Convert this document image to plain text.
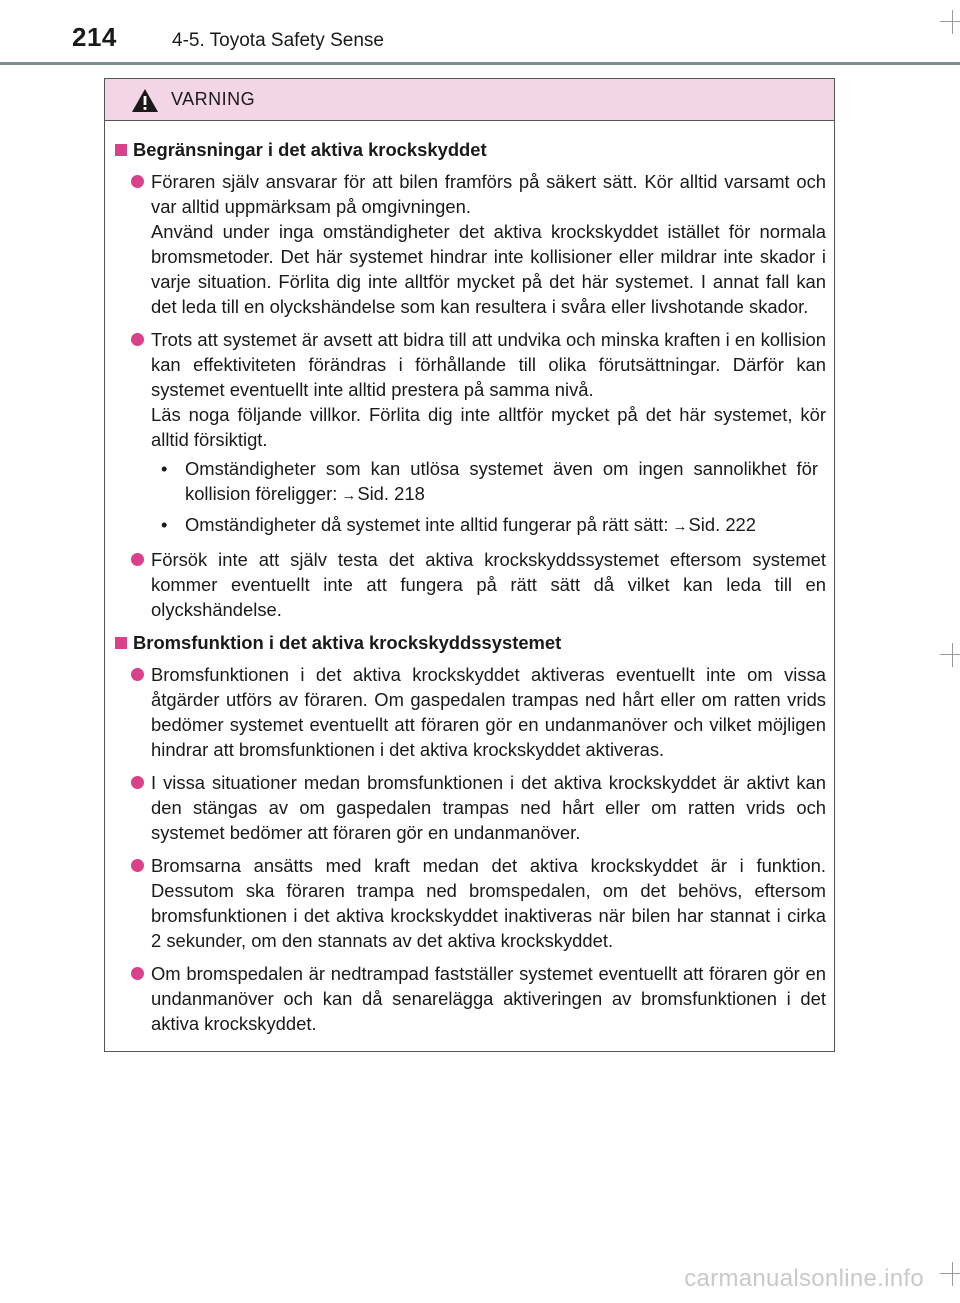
214	4-5. Toyota Safety Sense
VARNING
Begränsningar i det aktiva krockskyddet

Föraren själv ansvarar för att bilen framförs på säkert sätt. Kör alltid varsamt och var alltid uppmärksam på omgivningen.

Använd under inga omständigheter det aktiva krockskyddet istället för normala bromsmetoder. Det här systemet hindrar inte kollisioner eller mildrar inte skador i varje situation. Förlita dig inte alltför mycket på det här systemet. I annat fall kan det leda till en olyckshändelse som kan resultera i svåra eller livshotande skador.

Trots att systemet är avsett att bidra till att undvika och minska kraften i en kollision kan effektiviteten förändras i förhållande till olika förutsättningar. Därför kan systemet eventuellt inte alltid prestera på samma nivå.

Läs noga följande villkor. Förlita dig inte alltför mycket på det här systemet, kör alltid försiktigt.

• Omständigheter som kan utlösa systemet även om ingen sannolikhet för kollision föreligger: →Sid. 218

• Omständigheter då systemet inte alltid fungerar på rätt sätt: →Sid. 222

Försök inte att själv testa det aktiva krockskyddssystemet eftersom systemet kommer eventuellt inte att fungera på rätt sätt då vilket kan leda till en olyckshändelse.

Bromsfunktion i det aktiva krockskyddssystemet

Bromsfunktionen i det aktiva krockskyddet aktiveras eventuellt inte om vissa åtgärder utförs av föraren. Om gaspedalen trampas ned hårt eller om ratten vrids bedömer systemet eventuellt att föraren gör en undanmanöver och vilket möjligen hindrar att bromsfunktionen i det aktiva krockskyddet aktiveras.

I vissa situationer medan bromsfunktionen i det aktiva krockskyddet är aktivt kan den stängas av om gaspedalen trampas ned hårt eller om ratten vrids och systemet bedömer att föraren gör en undanmanöver.

Bromsarna ansätts med kraft medan det aktiva krockskyddet är i funktion. Dessutom ska föraren trampa ned bromspedalen, om det behövs, eftersom bromsfunktionen i det aktiva krockskyddet inaktiveras när bilen har stannat i cirka 2 sekunder, om den stannats av det aktiva krockskyddet.

Om bromspedalen är nedtrampad fastställer systemet eventuellt att föraren gör en undanmanöver och kan då senarelägga aktiveringen av bromsfunktionen i det aktiva krockskyddet.

carmanualsonline.info
